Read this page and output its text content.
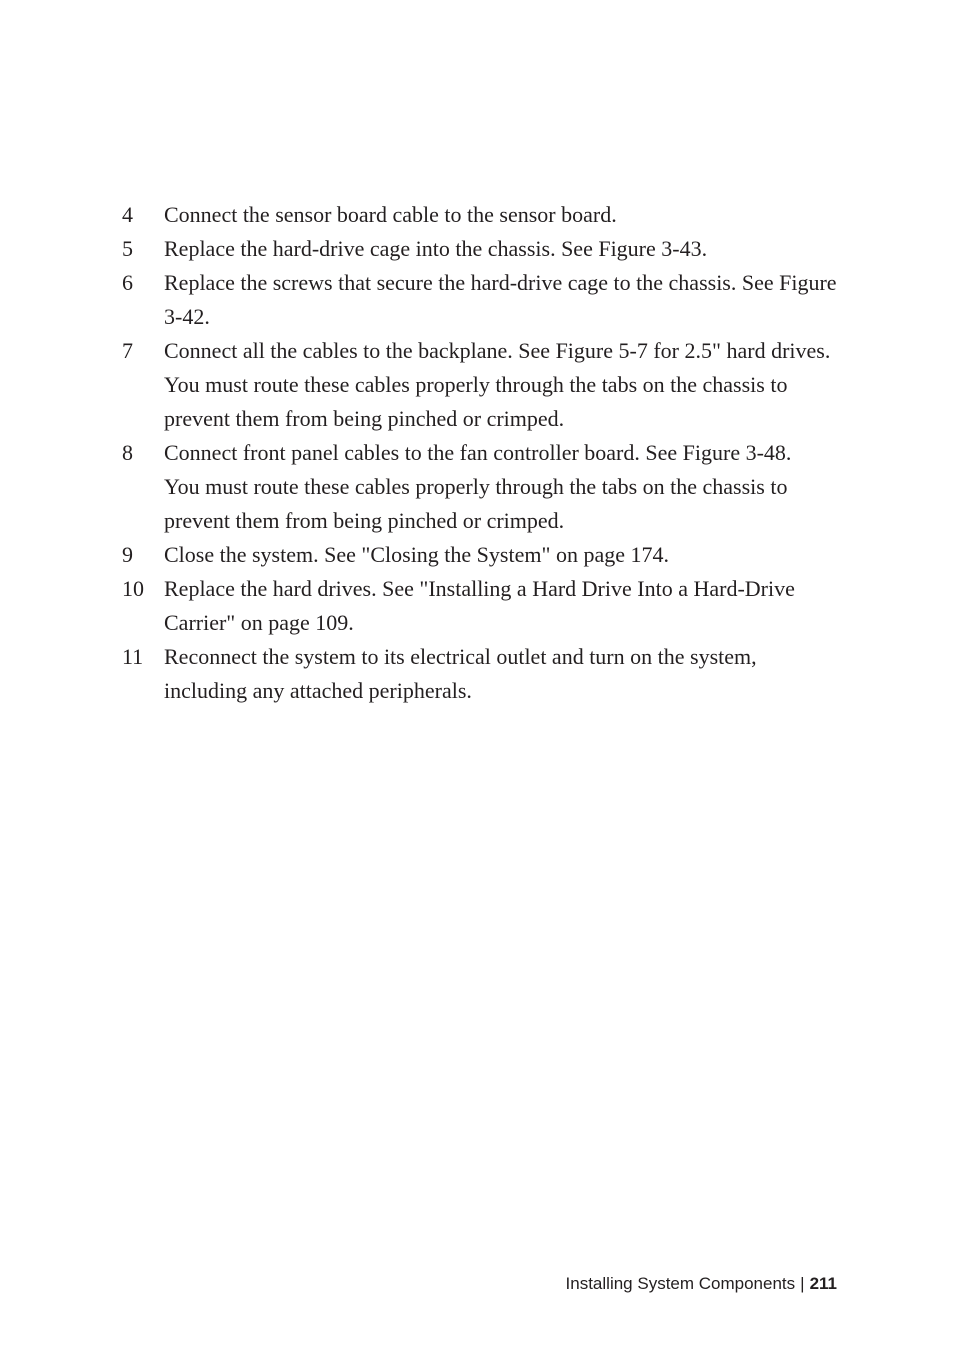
4 Connect the sensor board cable to the sensor board.
5 Replace the hard-drive cage into the chassis. See Figure 3-43.
6 Replace the screws that secure the hard-drive cage to the chassis. See Figure 3-42.
7 Connect all the cables to the backplane. See Figure 5-7 for 2.5" hard drives.
You must route these cables properly through the tabs on the chassis to prevent them from being pinched or crimped.
8 Connect front panel cables to the fan controller board. See Figure 3-48.
You must route these cables properly through the tabs on the chassis to prevent them from being pinched or crimped.
9 Close the system. See "Closing the System" on page 174.
10 Replace the hard drives. See "Installing a Hard Drive Into a Hard-Drive Carrier" on page 109.
11 Reconnect the system to its electrical outlet and turn on the system, including any attached peripherals.
Installing System Components | 211
